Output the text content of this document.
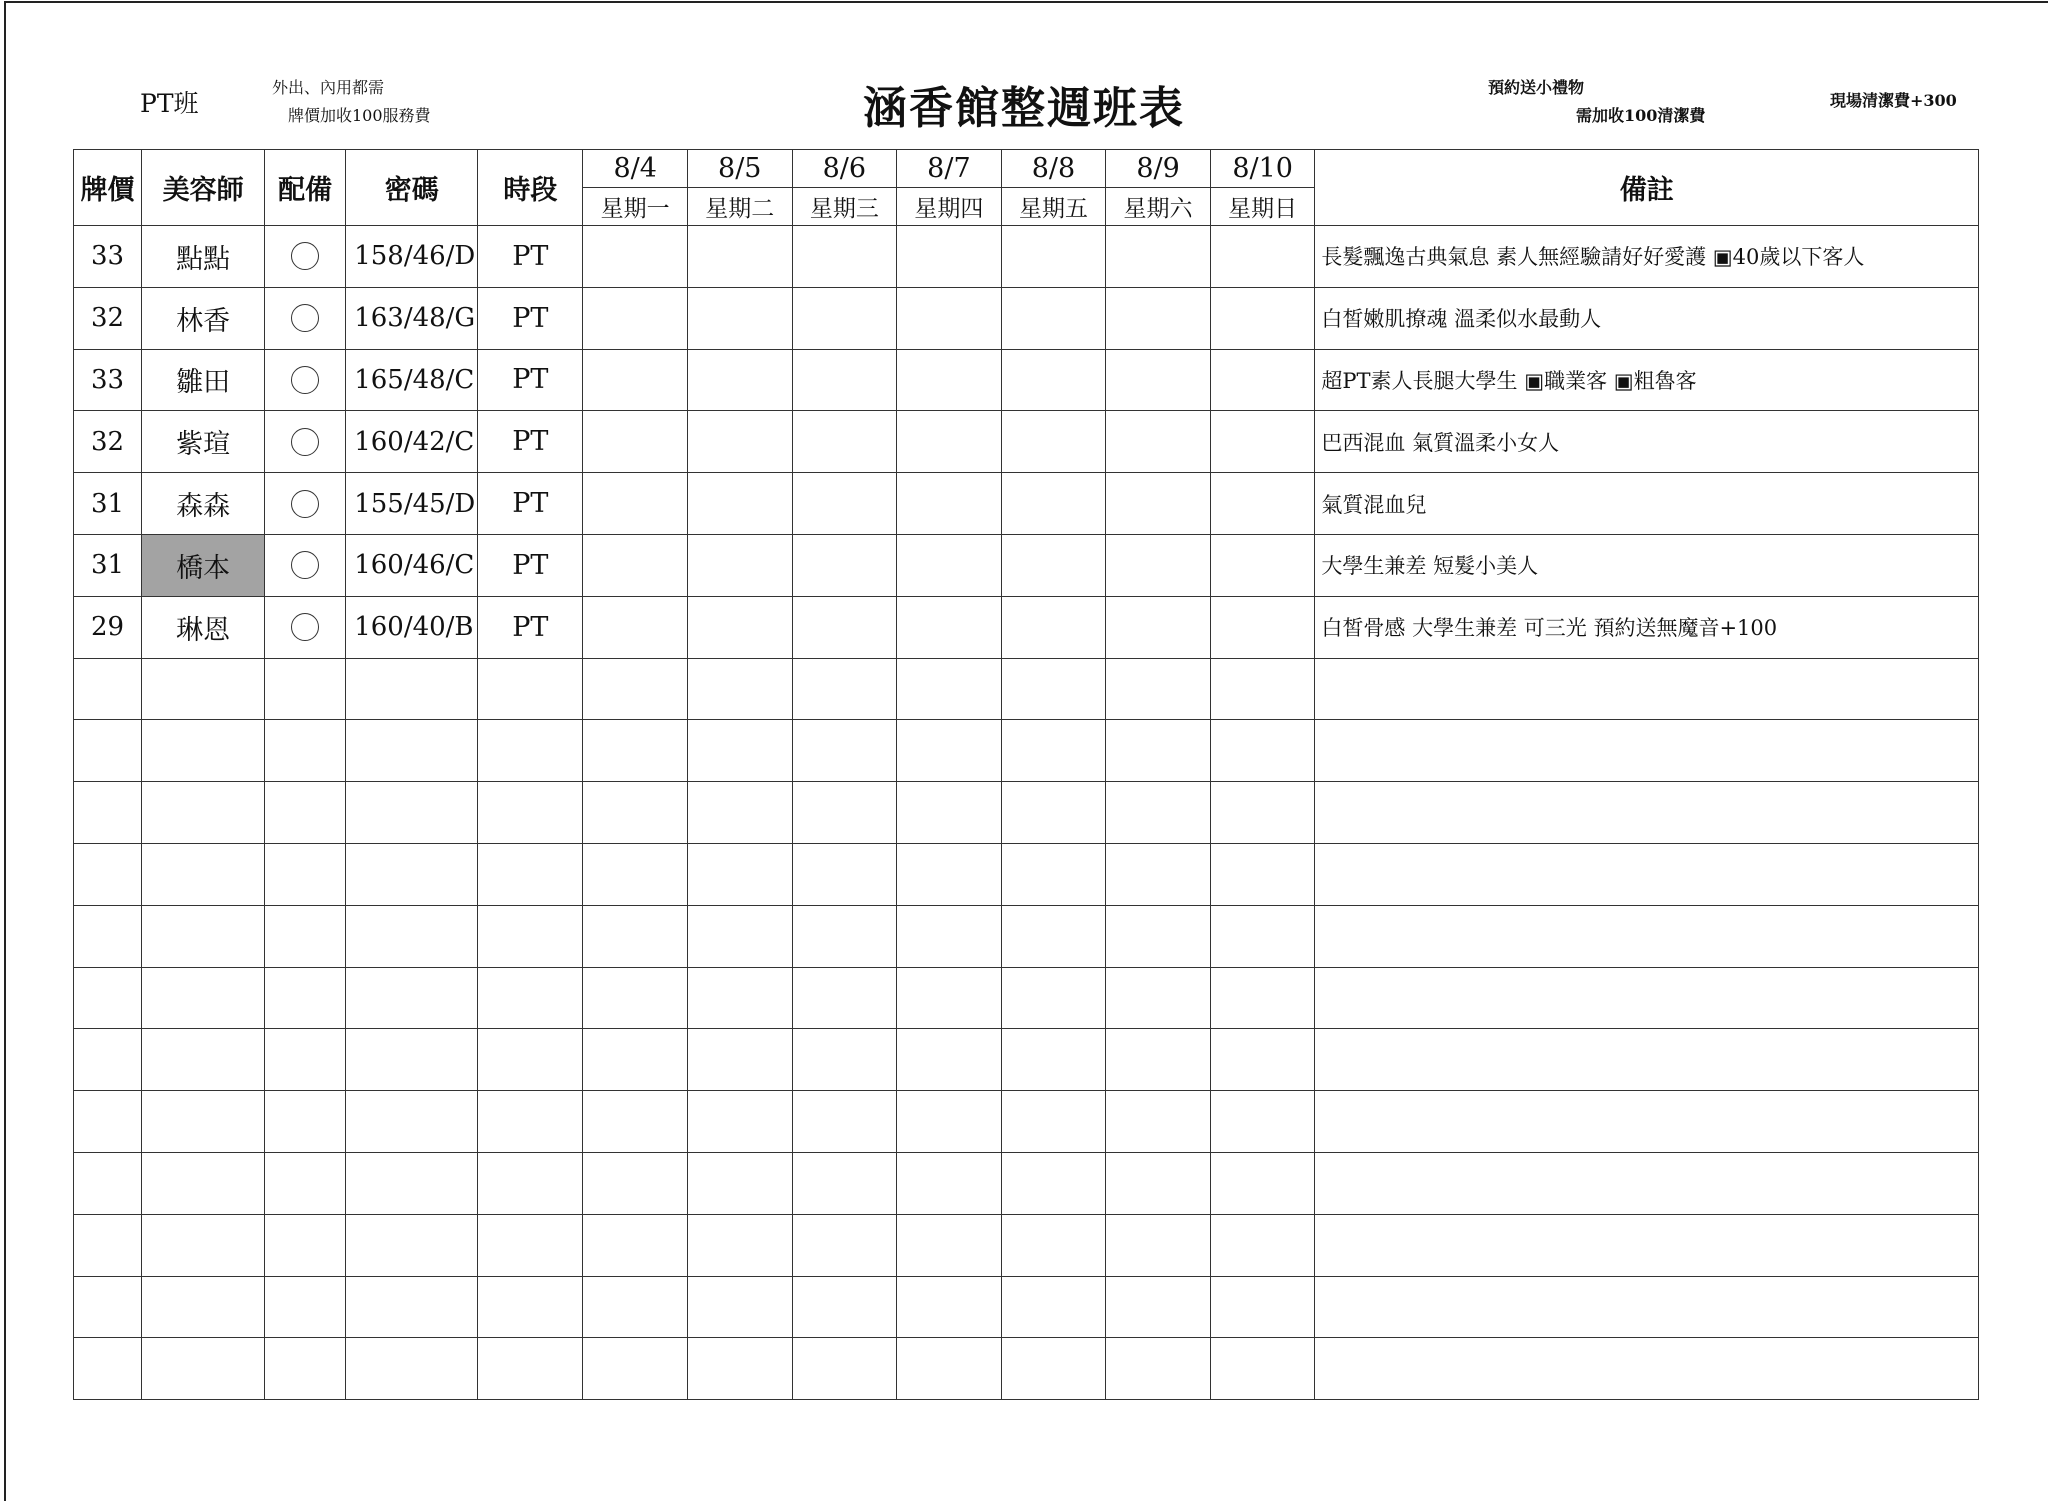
PT班
外出、內用都需
牌價加收100服務費	涵香館整週班表	預約送小禮物
需加收100清潔費
現場清潔費+300
牌價	美容師	配備	密碼	時段	8/4	8/5	8/6	8/7	8/8	8/9	8/10	備註
					星期一	星期二	星期三	星期四	星期五	星期六	星期日	
33	點點		158/46/D	PT								長髮飄逸古典氣息 素人無經驗請好好愛護 ▣40歲以下客人
32	林香		163/48/G	PT								白皙嫩肌撩魂 溫柔似水最動人
33	雛田		165/48/C	PT								超PT素人長腿大學生 ▣職業客 ▣粗魯客
32	紫瑄		160/42/C	PT								巴西混血 氣質溫柔小女人
31	森森		155/45/D	PT								氣質混血兒
31	橋本		160/46/C	PT								大學生兼差 短髮小美人
29	琳恩		160/40/B	PT								白皙骨感 大學生兼差 可三光 預約送無魔音+100
